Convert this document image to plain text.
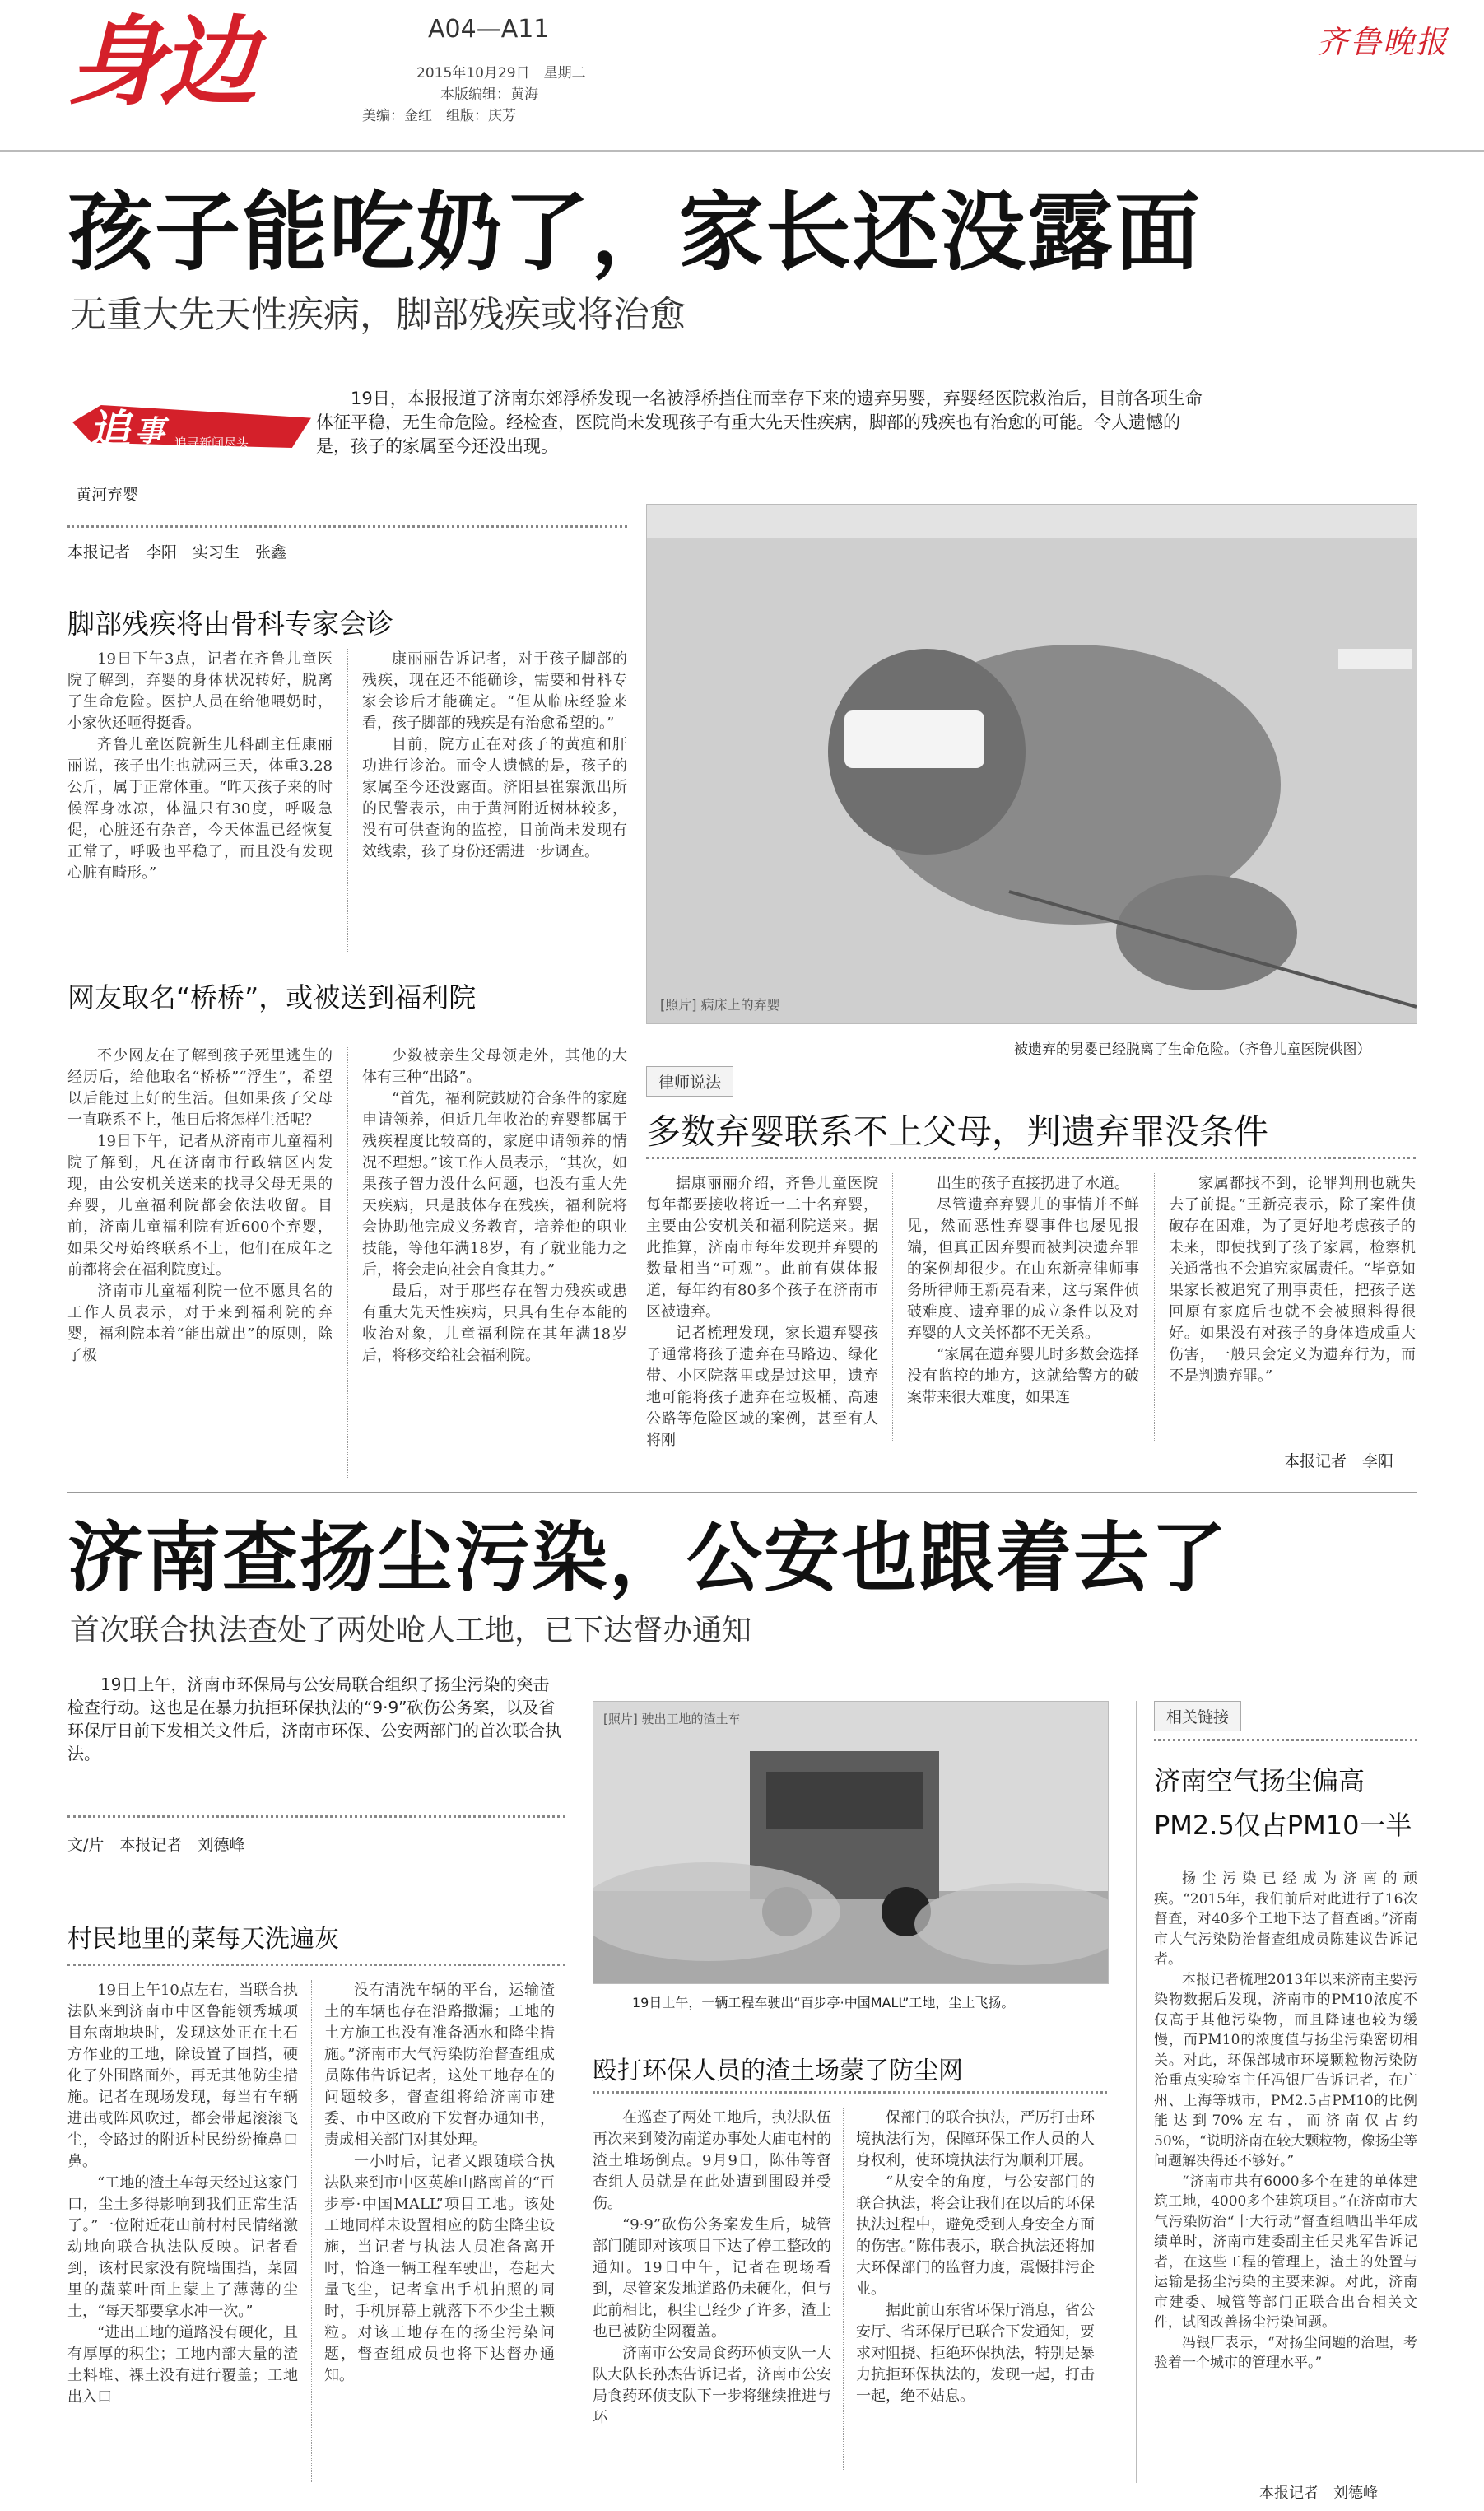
身边	A04—A11
2015年10月29日　星期二
本版编辑：黄海
美编：金红　组版：庆芳
齐鲁晚报
孩子能吃奶了，家长还没露面
无重大先天性疾病，脚部残疾或将治愈
追 事 追寻新闻尽头
黄河弃婴
19日，本报报道了济南东郊浮桥发现一名被浮桥挡住而幸存下来的遗弃男婴，弃婴经医院救治后，目前各项生命体征平稳，无生命危险。经检查，医院尚未发现孩子有重大先天性疾病，脚部的残疾也有治愈的可能。令人遗憾的是，孩子的家属至今还没出现。
本报记者　李阳　实习生　张鑫
脚部残疾将由骨科专家会诊

19日下午3点，记者在齐鲁儿童医院了解到，弃婴的身体状况转好，脱离了生命危险。医护人员在给他喂奶时，小家伙还咂得挺香。

齐鲁儿童医院新生儿科副主任康丽丽说，孩子出生也就两三天，体重3.28公斤，属于正常体重。“昨天孩子来的时候浑身冰凉，体温只有30度，呼吸急促，心脏还有杂音，今天体温已经恢复正常了，呼吸也平稳了，而且没有发现心脏有畸形。”

康丽丽告诉记者，对于孩子脚部的残疾，现在还不能确诊，需要和骨科专家会诊后才能确定。“但从临床经验来看，孩子脚部的残疾是有治愈希望的。”

目前，院方正在对孩子的黄疸和肝功进行诊治。而令人遗憾的是，孩子的家属至今还没露面。济阳县崔寨派出所的民警表示，由于黄河附近树林较多，没有可供查询的监控，目前尚未发现有效线索，孩子身份还需进一步调查。

网友取名“桥桥”，或被送到福利院

不少网友在了解到孩子死里逃生的经历后，给他取名“桥桥”“浮生”，希望以后能过上好的生活。但如果孩子父母一直联系不上，他日后将怎样生活呢？

19日下午，记者从济南市儿童福利院了解到，凡在济南市行政辖区内发现，由公安机关送来的找寻父母无果的弃婴，儿童福利院都会依法收留。目前，济南儿童福利院有近600个弃婴，如果父母始终联系不上，他们在成年之前都将会在福利院度过。

济南市儿童福利院一位不愿具名的工作人员表示，对于来到福利院的弃婴，福利院本着“能出就出”的原则，除了极

少数被亲生父母领走外，其他的大体有三种“出路”。

“首先，福利院鼓励符合条件的家庭申请领养，但近几年收治的弃婴都属于残疾程度比较高的，家庭申请领养的情况不理想。”该工作人员表示，“其次，如果孩子智力没什么问题，也没有重大先天疾病，只是肢体存在残疾，福利院将会协助他完成义务教育，培养他的职业技能，等他年满18岁，有了就业能力之后，将会走向社会自食其力。”

最后，对于那些存在智力残疾或患有重大先天性疾病，只具有生存本能的收治对象，儿童福利院在其年满18岁后，将移交给社会福利院。

[照片] 病床上的弃婴
被遗弃的男婴已经脱离了生命危险。（齐鲁儿童医院供图）
律师说法
多数弃婴联系不上父母，判遗弃罪没条件

据康丽丽介绍，齐鲁儿童医院每年都要接收将近一二十名弃婴，主要由公安机关和福利院送来。据此推算，济南市每年发现并弃婴的数量相当“可观”。此前有媒体报道，每年约有80多个孩子在济南市区被遗弃。

记者梳理发现，家长遗弃婴孩子通常将孩子遗弃在马路边、绿化带、小区院落里或是过这里，遗弃地可能将孩子遗弃在垃圾桶、高速公路等危险区域的案例，甚至有人将刚

出生的孩子直接扔进了水道。

尽管遗弃弃婴儿的事情并不鲜见，然而恶性弃婴事件也屡见报端，但真正因弃婴而被判决遗弃罪的案例却很少。在山东新亮律师事务所律师王新亮看来，这与案件侦破难度、遗弃罪的成立条件以及对弃婴的人文关怀都不无关系。

“家属在遗弃婴儿时多数会选择没有监控的地方，这就给警方的破案带来很大难度，如果连

家属都找不到，论罪判刑也就失去了前提。”王新亮表示，除了案件侦破存在困难，为了更好地考虑孩子的未来，即使找到了孩子家属，检察机关通常也不会追究家属责任。“毕竟如果家长被追究了刑事责任，把孩子送回原有家庭后也就不会被照料得很好。如果没有对孩子的身体造成重大伤害，一般只会定义为遗弃行为，而不是判遗弃罪。”

本报记者　李阳
济南查扬尘污染，公安也跟着去了
首次联合执法查处了两处呛人工地，已下达督办通知
19日上午，济南市环保局与公安局联合组织了扬尘污染的突击检查行动。这也是在暴力抗拒环保执法的“9·9”砍伤公务案，以及省环保厅日前下发相关文件后，济南市环保、公安两部门的首次联合执法。
文/片　本报记者　刘德峰
村民地里的菜每天洗遍灰

19日上午10点左右，当联合执法队来到济南市中区鲁能领秀城项目东南地块时，发现这处正在土石方作业的工地，除设置了围挡，硬化了外围路面外，再无其他防尘措施。记者在现场发现，每当有车辆进出或阵风吹过，都会带起滚滚飞尘，令路过的附近村民纷纷掩鼻口鼻。

“工地的渣土车每天经过这家门口，尘土多得影响到我们正常生活了。”一位附近花山前村村民情绪激动地向联合执法队反映。记者看到，该村民家没有院墙围挡，菜园里的蔬菜叶面上蒙上了薄薄的尘土，“每天都要拿水冲一次。”

“进出工地的道路没有硬化，且有厚厚的积尘；工地内部大量的渣土料堆、裸土没有进行覆盖；工地出入口

没有清洗车辆的平台，运输渣土的车辆也存在沿路撒漏；工地的土方施工也没有准备洒水和降尘措施。”济南市大气污染防治督查组成员陈伟告诉记者，这处工地存在的问题较多，督查组将给济南市建委、市中区政府下发督办通知书，责成相关部门对其处理。

一小时后，记者又跟随联合执法队来到市中区英雄山路南首的“百步亭·中国MALL”项目工地。该处工地同样未设置相应的防尘降尘设施，当记者与执法人员准备离开时，恰逢一辆工程车驶出，卷起大量飞尘，记者拿出手机拍照的同时，手机屏幕上就落下不少尘土颗粒。对该工地存在的扬尘污染问题，督查组成员也将下达督办通知。

[照片] 驶出工地的渣土车
19日上午，一辆工程车驶出“百步亭·中国MALL”工地，尘土飞扬。
殴打环保人员的渣土场蒙了防尘网

在巡查了两处工地后，执法队伍再次来到陵沟南道办事处大庙屯村的渣土堆场倒点。9月9日，陈伟等督查组人员就是在此处遭到围殴并受伤。

“9·9”砍伤公务案发生后，城管部门随即对该项目下达了停工整改的通知。19日中午，记者在现场看到，尽管案发地道路仍未硬化，但与此前相比，积尘已经少了许多，渣土也已被防尘网覆盖。

济南市公安局食药环侦支队一大队大队长孙杰告诉记者，济南市公安局食药环侦支队下一步将继续推进与环

保部门的联合执法，严厉打击环境执法行为，保障环保工作人员的人身权利，使环境执法行为顺利开展。

“从安全的角度，与公安部门的联合执法，将会让我们在以后的环保执法过程中，避免受到人身安全方面的伤害。”陈伟表示，联合执法还将加大环保部门的监督力度，震慑排污企业。

据此前山东省环保厅消息，省公安厅、省环保厅已联合下发通知，要求对阻挠、拒绝环保执法，特别是暴力抗拒环保执法的，发现一起，打击一起，绝不姑息。

相关链接
济南空气扬尘偏高
PM2.5仅占PM10一半

扬尘污染已经成为济南的顽疾。“2015年，我们前后对此进行了16次督查，对40多个工地下达了督查函。”济南市大气污染防治督查组成员陈建议告诉记者。

本报记者梳理2013年以来济南主要污染物数据后发现，济南市的PM10浓度不仅高于其他污染物，而且降速也较为缓慢，而PM10的浓度值与扬尘污染密切相关。对此，环保部城市环境颗粒物污染防治重点实验室主任冯银厂告诉记者，在广州、上海等城市，PM2.5占PM10的比例能达到70%左右，而济南仅占约50%，“说明济南在较大颗粒物，像扬尘等问题解决得还不够好。”

“济南市共有6000多个在建的单体建筑工地，4000多个建筑项目。”在济南市大气污染防治“十大行动”督查组晒出半年成绩单时，济南市建委副主任吴兆军告诉记者，在这些工程的管理上，渣土的处置与运输是扬尘污染的主要来源。对此，济南市建委、城管等部门正联合出台相关文件，试图改善扬尘污染问题。

冯银厂表示，“对扬尘问题的治理，考验着一个城市的管理水平。”

本报记者　刘德峰
